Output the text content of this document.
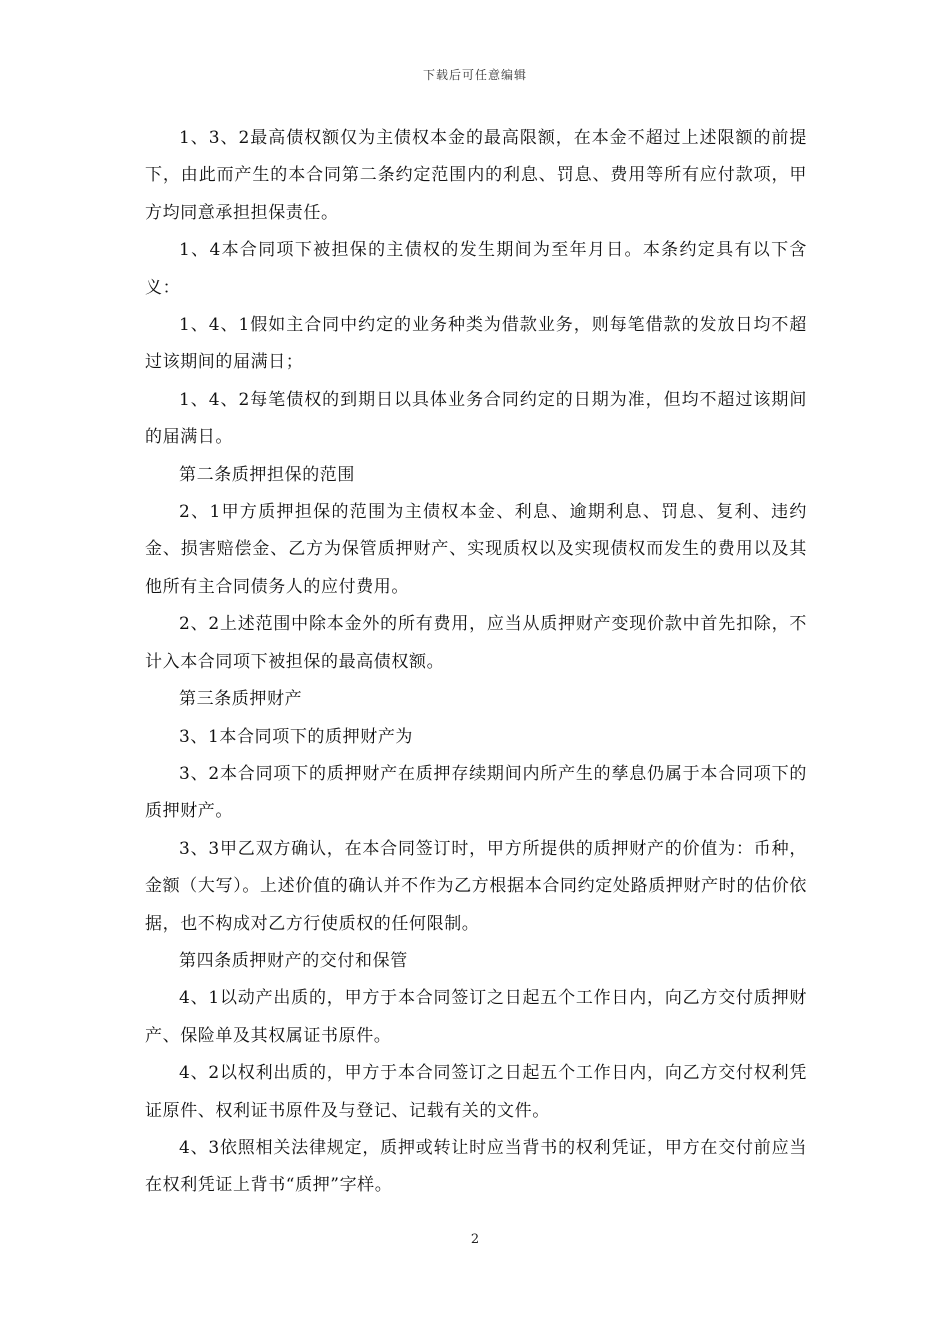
下载后可任意编辑

1、3、2最高债权额仅为主债权本金的最高限额，在本金不超过上述限额的前提下，由此而产生的本合同第二条约定范围内的利息、罚息、费用等所有应付款项，甲方均同意承担担保责任。

1、4本合同项下被担保的主债权的发生期间为至年月日。本条约定具有以下含义：

1、4、1假如主合同中约定的业务种类为借款业务，则每笔借款的发放日均不超过该期间的届满日；

1、4、2每笔债权的到期日以具体业务合同约定的日期为准，但均不超过该期间的届满日。

第二条质押担保的范围

2、1甲方质押担保的范围为主债权本金、利息、逾期利息、罚息、复利、违约金、损害赔偿金、乙方为保管质押财产、实现质权以及实现债权而发生的费用以及其他所有主合同债务人的应付费用。

2、2上述范围中除本金外的所有费用，应当从质押财产变现价款中首先扣除，不计入本合同项下被担保的最高债权额。

第三条质押财产

3、1本合同项下的质押财产为

3、2本合同项下的质押财产在质押存续期间内所产生的孳息仍属于本合同项下的质押财产。

3、3甲乙双方确认，在本合同签订时，甲方所提供的质押财产的价值为：币种，金额（大写）。上述价值的确认并不作为乙方根据本合同约定处路质押财产时的估价依据，也不构成对乙方行使质权的任何限制。

第四条质押财产的交付和保管

4、1以动产出质的，甲方于本合同签订之日起五个工作日内，向乙方交付质押财产、保险单及其权属证书原件。

4、2以权利出质的，甲方于本合同签订之日起五个工作日内，向乙方交付权利凭证原件、权利证书原件及与登记、记载有关的文件。

4、3依照相关法律规定，质押或转让时应当背书的权利凭证，甲方在交付前应当在权利凭证上背书“质押”字样。

2
